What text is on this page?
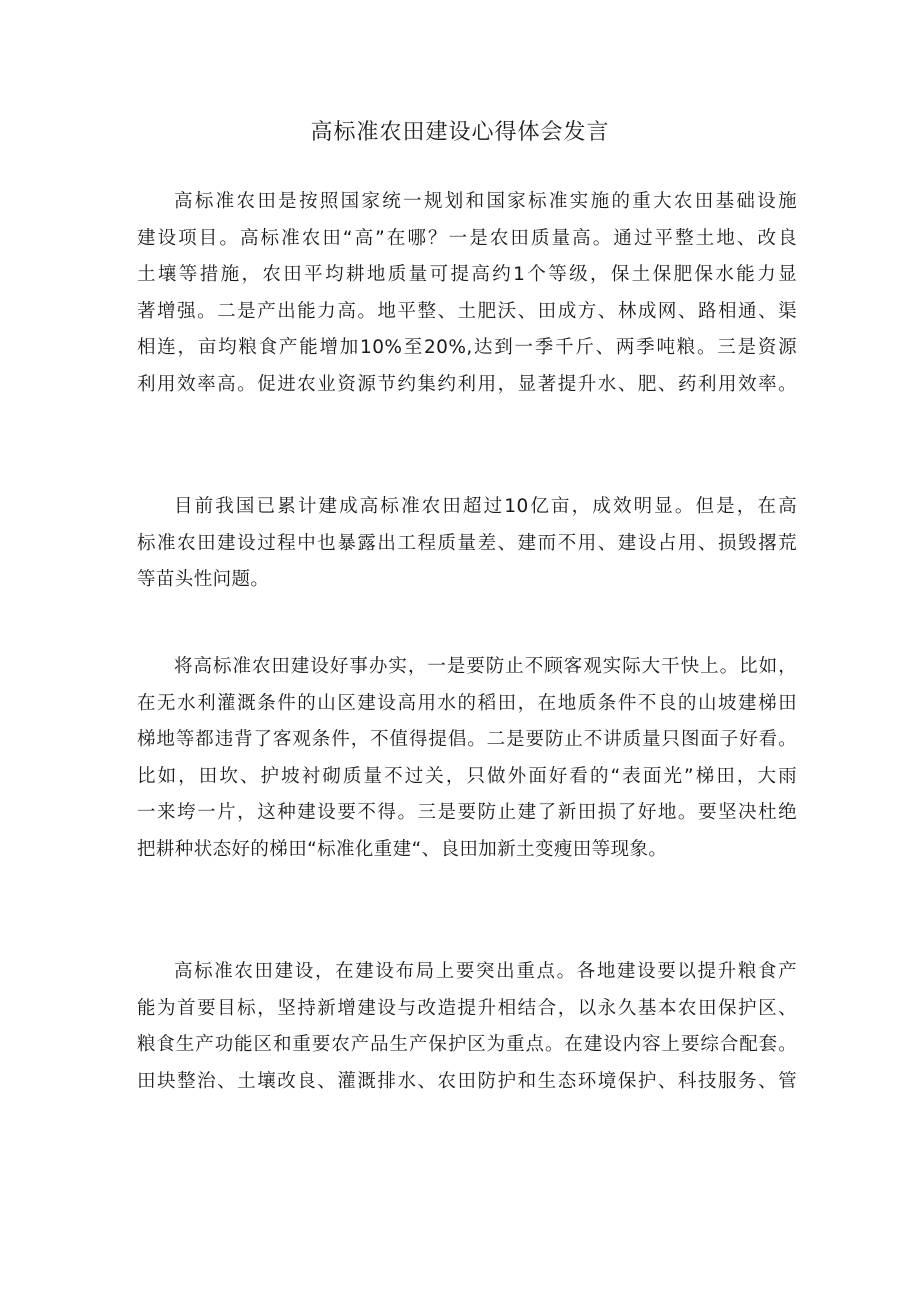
高标准农田建设心得体会发言
高标准农田是按照国家统一规划和国家标准实施的重大农田基础设施
建设项目。高标准农田“高”在哪？一是农田质量高。通过平整土地、改良
土壤等措施，农田平均耕地质量可提高约1个等级，保土保肥保水能力显
著增强。二是产出能力高。地平整、土肥沃、田成方、林成网、路相通、渠
相连，亩均粮食产能增加10%至20%,达到一季千斤、两季吨粮。三是资源
利用效率高。促进农业资源节约集约利用，显著提升水、肥、药利用效率。
目前我国已累计建成高标准农田超过10亿亩，成效明显。但是，在高
标准农田建设过程中也暴露出工程质量差、建而不用、建设占用、损毁撂荒
等苗头性问题。
将高标准农田建设好事办实，一是要防止不顾客观实际大干快上。比如，
在无水利灌溉条件的山区建设高用水的稻田，在地质条件不良的山坡建梯田
梯地等都违背了客观条件，不值得提倡。二是要防止不讲质量只图面子好看。
比如，田坎、护坡衬砌质量不过关，只做外面好看的“表面光”梯田，大雨
一来垮一片，这种建设要不得。三是要防止建了新田损了好地。要坚决杜绝
把耕种状态好的梯田“标准化重建“、良田加新土变瘦田等现象。
高标准农田建设，在建设布局上要突出重点。各地建设要以提升粮食产
能为首要目标，坚持新增建设与改造提升相结合，以永久基本农田保护区、
粮食生产功能区和重要农产品生产保护区为重点。在建设内容上要综合配套。
田块整治、土壤改良、灌溉排水、农田防护和生态环境保护、科技服务、管
